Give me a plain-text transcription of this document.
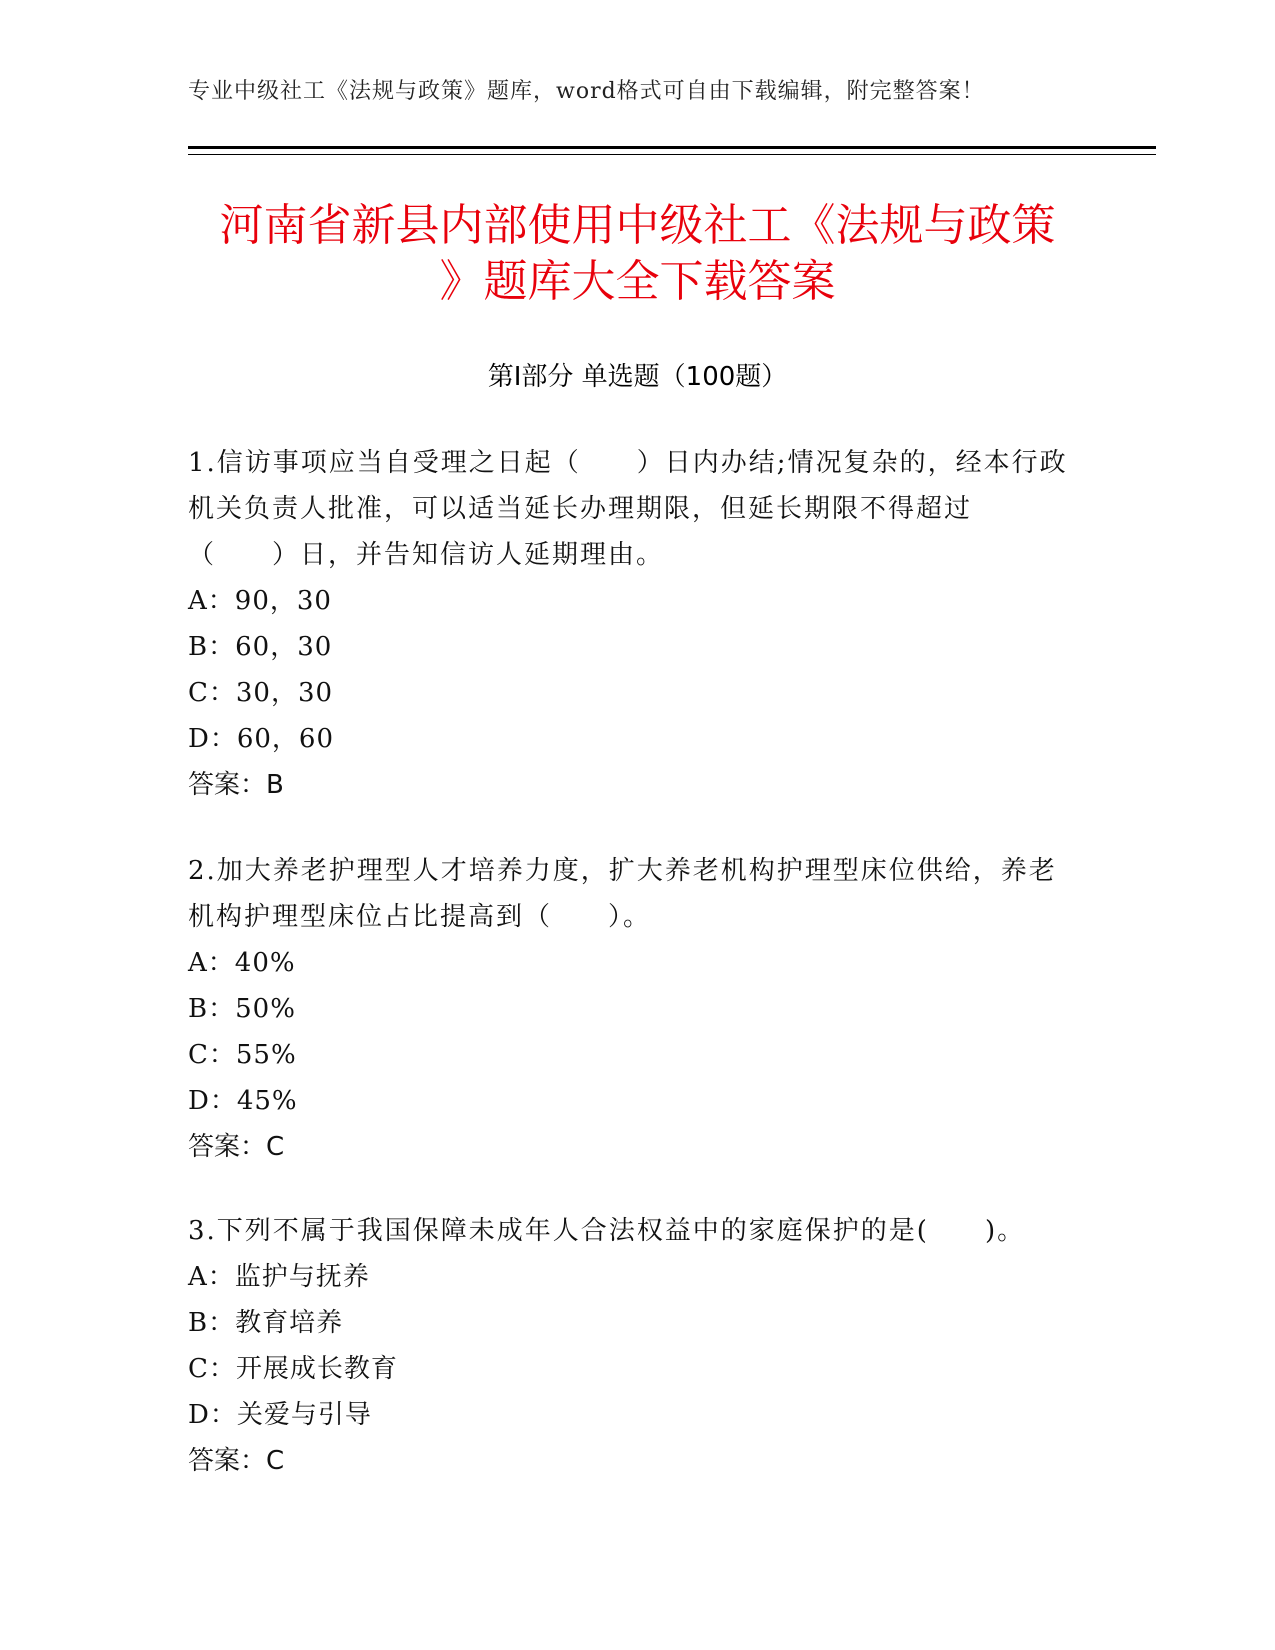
专业中级社工《法规与政策》题库，word格式可自由下载编辑，附完整答案！
河南省新县内部使用中级社工《法规与政策
》题库大全下载答案
第Ⅰ部分 单选题（100题）

1.信访事项应当自受理之日起（　　）日内办结;情况复杂的，经本行政机关负责人批准，可以适当延长办理期限，但延长期限不得超过（　　）日，并告知信访人延期理由。

A：90，30

B：60，30

C：30，30

D：60，60

答案：B

2.加大养老护理型人才培养力度，扩大养老机构护理型床位供给，养老机构护理型床位占比提高到（　　）。

A：40%

B：50%

C：55%

D：45%

答案：C

3.下列不属于我国保障未成年人合法权益中的家庭保护的是(　　)。

A：监护与抚养

B：教育培养

C：开展成长教育

D：关爱与引导

答案：C
